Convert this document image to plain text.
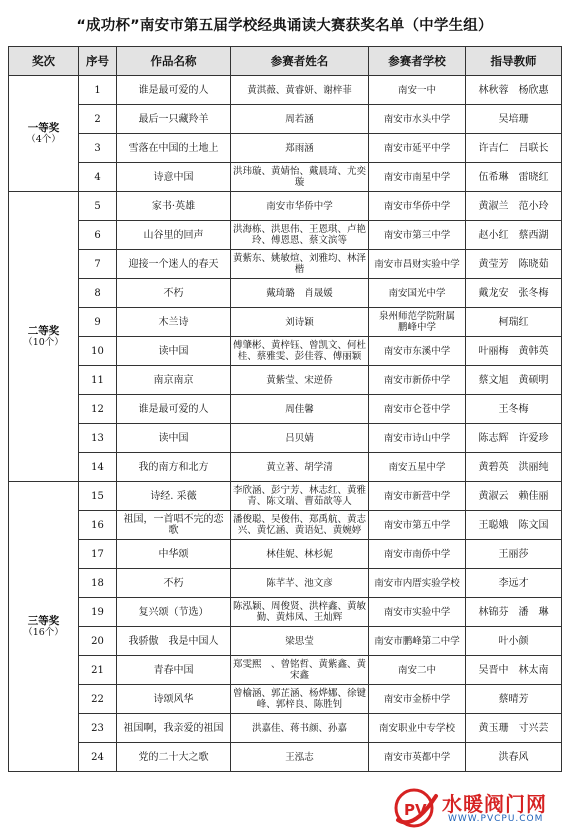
“成功杯”南安市第五届学校经典诵读大赛获奖名单（中学生组）
奖次	序号	作品名称	参赛者姓名	参赛者学校	指导教师
一等奖
（4个）	1	谁是最可爱的人	黄淇薇、黄睿妍、谢梓菲	南安一中	林秋蓉　杨欣惠
	2	最后一只藏羚羊	周若涵	南安市水头中学	吴培珊
	3	雪落在中国的土地上	郑雨涵	南安市延平中学	许吉仁　吕联长
	4	诗意中国	洪玮璇、黄婧怡、戴晨琦、尤奕璇	南安市南星中学	伍希琳　雷晓红
二等奖
（10个）	5	家书·英雄	南安市华侨中学	南安市华侨中学	黄淑兰　范小玲
	6	山谷里的回声	洪海栋、洪思伟、王恩琪、卢艳玲、傅恩恩、蔡文滨等	南安市第三中学	赵小红　蔡西湖
	7	迎接一个迷人的春天	黄紫东、姚敏煊、刘雅均、林泽楷	南安市昌财实验中学	黄莹芳　陈晓茹
	8	不朽	戴琦璐　肖晟媛	南安国光中学	戴龙安　张冬梅
	9	木兰诗	刘诗颖	泉州师范学院附属　　鹏峰中学	柯瑞红
	10	读中国	傅肇彬、黄梓钰、曾凯文、何杜桂、蔡雅雯、彭佳蓉、傅丽颖	南安市东溪中学	叶丽梅　黄韩英
	11	南京南京	黄紫莹、宋逆侨	南安市新侨中学	蔡文旭　黄硕明
	12	谁是最可爱的人	周佳馨	南安市仑苍中学	王冬梅
	13	读中国	吕贝婧	南安市诗山中学	陈志辉　许爱珍
	14	我的南方和北方	黄立著、胡学清	南安五星中学	黄碧英　洪丽纯
三等奖
（16个）	15	诗经. 采薇	李欣涵、彭宁芳、林志红、黄雅青、陈文瑞、曹茹歆等人	南安市新营中学	黄淑云　赖佳丽
	16	祖国，一首唱不完的恋歌	潘俊聪、吴俊伟、郑禹航、黄志兴、黄忆涵、黄语妃、黄婉婷	南安市第五中学	王聪娥　陈文国
	17	中华颂	林佳妮、林杉妮	南安市南侨中学	王丽莎
	18	不朽	陈芊芊、池文彦	南安市内厝实验学校	李远才
	19	复兴颂（节选）	陈泓颖、周俊贤、洪梓鑫、黄敏勤、黄炜凤、王灿辉	南安市实验中学	林锦芬　潘　琳
	20	我骄傲　我是中国人	梁思莹	南安市鹏峰第二中学	叶小颜
	21	青春中国	郑雯熙　、曾铭哲、黄紫鑫、黄宋鑫	南安二中	吴晋中　林太南
	22	诗颂风华	曾榆涵、郭芷涵、杨烨娜、徐键峰、郭梓良、陈胜钊	南安市金桥中学	蔡晴芳
	23	祖国啊，我亲爱的祖国	洪嘉佳、蒋书颜、孙嘉	南安职业中专学校	黄玉珊　寸兴芸
	24	党的二十大之歌	王泓志	南安市英都中学	洪春风
PV 水暖阀门网
WWW.PVCPU.COM
